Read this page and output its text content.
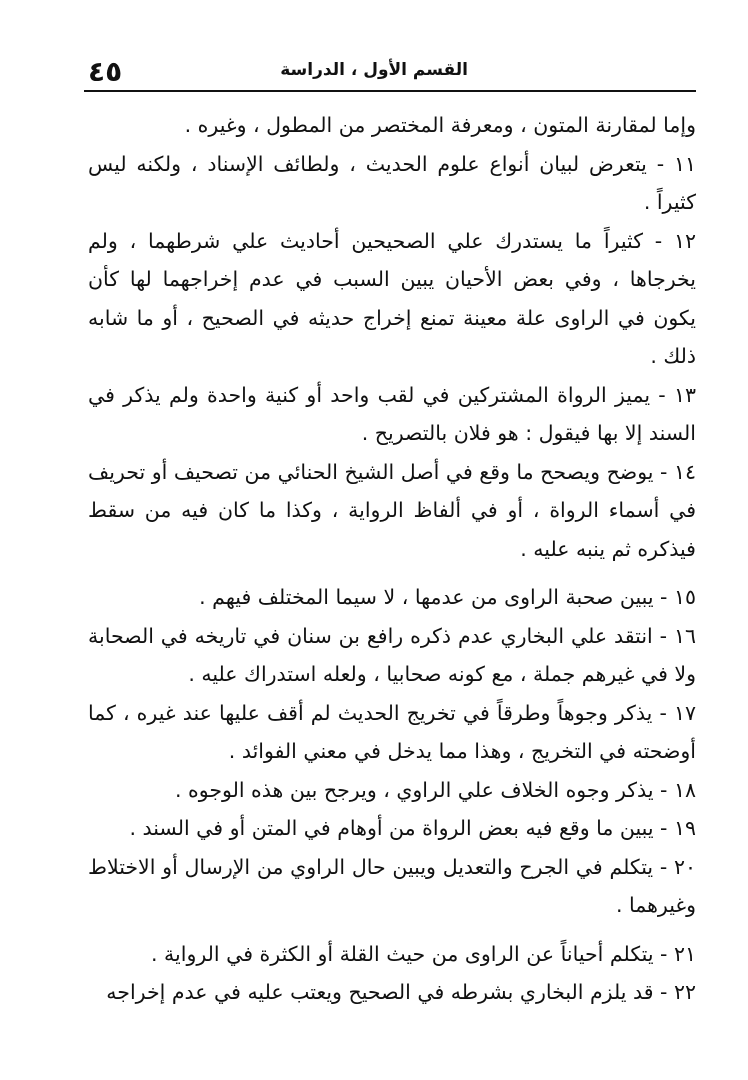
٤٥	القسم الأول ، الدراسة

وإما لمقارنة المتون ، ومعرفة المختصر من المطول ، وغيره .

١١ - يتعرض لبيان أنواع علوم الحديث ، ولطائف الإسناد ، ولكنه ليس كثيراً .

١٢ - كثيراً ما يستدرك علي الصحيحين أحاديث علي شرطهما ، ولم يخرجاها ، وفي بعض الأحيان يبين السبب في عدم إخراجهما لها كأن يكون في الراوى علة معينة تمنع إخراج حديثه في الصحيح ، أو ما شابه ذلك .

١٣ - يميز الرواة المشتركين في لقب واحد أو كنية واحدة ولم يذكر في السند إلا بها فيقول : هو فلان بالتصريح .

١٤ - يوضح ويصحح ما وقع في أصل الشيخ الحنائي من تصحيف أو تحريف في أسماء الرواة ، أو في ألفاظ الرواية ، وكذا ما كان فيه من سقط فيذكره ثم ينبه عليه .

١٥ - يبين صحبة الراوى من عدمها ، لا سيما المختلف فيهم .

١٦ - انتقد علي البخاري عدم ذكره رافع بن سنان في تاريخه في الصحابة ولا في غيرهم جملة ، مع كونه صحابيا ، ولعله استدراك عليه .

١٧ - يذكر وجوهاً وطرقاً في تخريج الحديث لم أقف عليها عند غيره ، كما أوضحته في التخريج ، وهذا مما يدخل في معني الفوائد .

١٨ - يذكر وجوه الخلاف علي الراوي ، ويرجح بين هذه الوجوه .

١٩ - يبين ما وقع فيه بعض الرواة من أوهام في المتن أو في السند .

٢٠ - يتكلم في الجرح والتعديل ويبين حال الراوي من الإرسال أو الاختلاط وغيرهما .

٢١ - يتكلم أحياناً عن الراوى من حيث القلة أو الكثرة في الرواية .

٢٢ - قد يلزم البخاري بشرطه في الصحيح ويعتب عليه في عدم إخراجه
